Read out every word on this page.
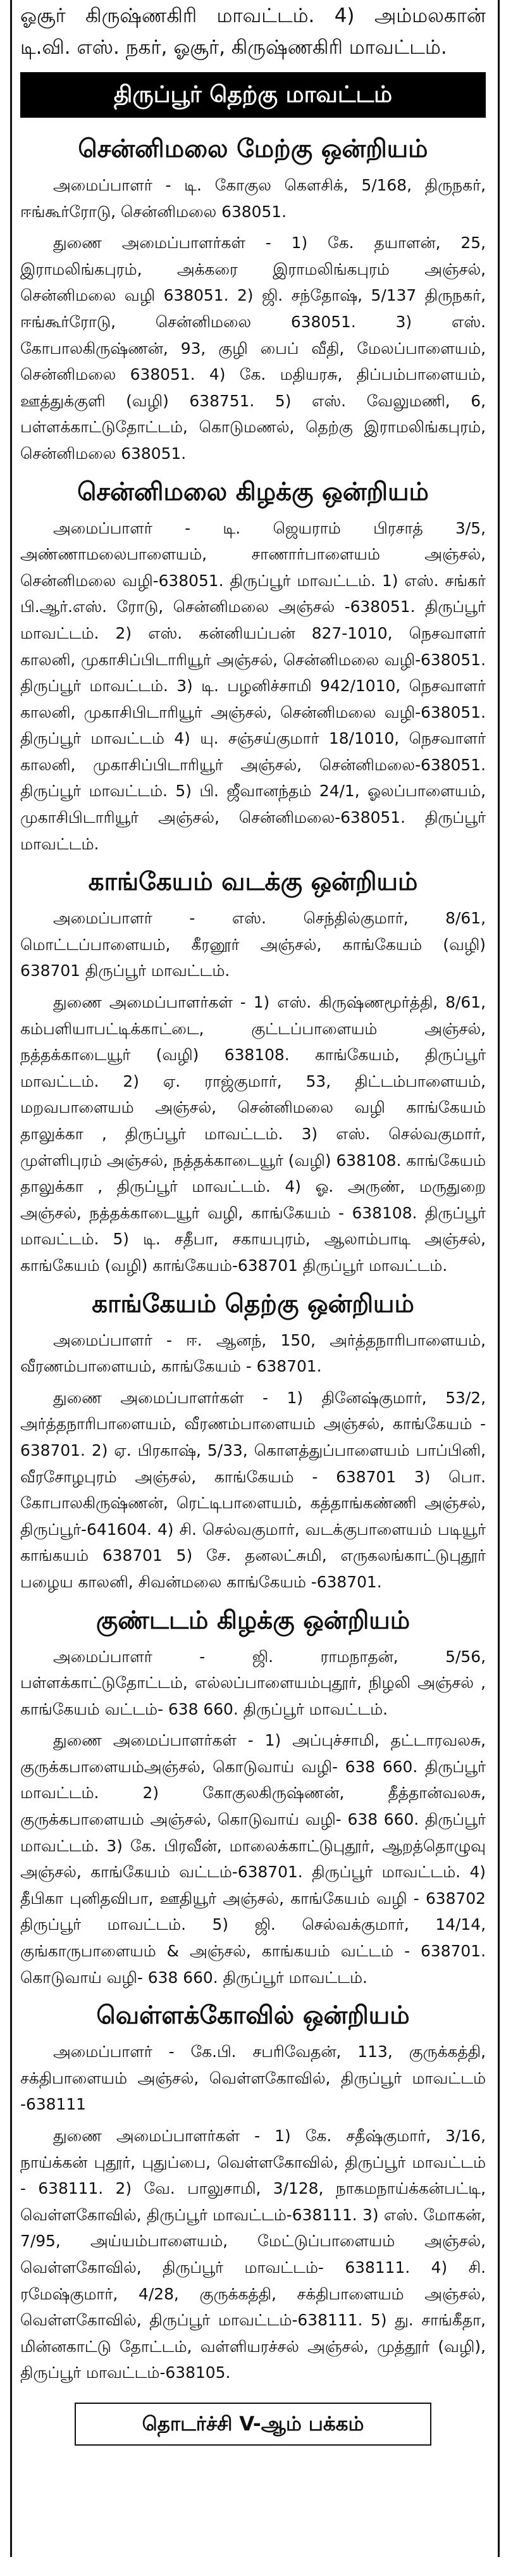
ஓசூர் கிருஷ்ணகிரி மாவட்டம். 4) அம்மலகான் டி.வி. எஸ். நகர், ஓசூர், கிருஷ்ணகிரி மாவட்டம்.

திருப்பூர் தெற்கு மாவட்டம்
சென்னிமலை மேற்கு ஒன்றியம்

அமைப்பாளர் - டி. கோகுல கௌசிக், 5/168, திருநகர், ஈங்கூர்ரோடு, சென்னிமலை 638051.

துணை அமைப்பாளர்கள் - 1) கே. தயாளன், 25, இராமலிங்கபுரம், அக்கரை இராமலிங்கபுரம் அஞ்சல், சென்னிமலை வழி 638051. 2) ஜி. சந்தோஷ், 5/137 திருநகர், ஈங்கூர்ரோடு, சென்னிமலை 638051. 3) எஸ். கோபாலகிருஷ்ணன், 93, குழி பைப் வீதி, மேலப்பாளையம், சென்னிமலை 638051. 4) கே. மதியரசு, திப்பம்பாளையம், ஊத்துக்குளி (வழி) 638751. 5) எஸ். வேலுமணி, 6, பள்ளக்காட்டுதோட்டம், கொடுமணல், தெற்கு இராமலிங்கபுரம், சென்னிமலை 638051.

சென்னிமலை கிழக்கு ஒன்றியம்

அமைப்பாளர் - டி. ஜெயராம் பிரசாத் 3/5, அண்ணாமலைபாளையம், சாணார்பாளையம் அஞ்சல், சென்னிமலை வழி-638051. திருப்பூர் மாவட்டம். 1) எஸ். சங்கர் பி.ஆர்.எஸ். ரோடு, சென்னிமலை அஞ்சல் -638051. திருப்பூர் மாவட்டம். 2) எஸ். கன்னியப்பன் 827-1010, நெசவாளர் காலனி, முகாசிப்பிடாரியூர் அஞ்சல், சென்னிமலை வழி-638051. திருப்பூர் மாவட்டம். 3) டி. பழனிச்சாமி 942/1010, நெசவாளர் காலனி, முகாசிபிடாரியூர் அஞ்சல், சென்னிமலை வழி-638051. திருப்பூர் மாவட்டம் 4) யு. சஞ்சய்குமார் 18/1010, நெசவாளர் காலனி, முகாசிப்பிடாரியூர் அஞ்சல், சென்னிமலை-638051. திருப்பூர் மாவட்டம். 5) பி. ஜீவானந்தம் 24/1, ஓலப்பாளையம், முகாசிபிடாரியூர் அஞ்சல், சென்னிமலை-638051. திருப்பூர் மாவட்டம்.

காங்கேயம் வடக்கு ஒன்றியம்

அமைப்பாளர் - எஸ். செந்தில்குமார், 8/61, மொட்டப்பாளையம், கீரனூர் அஞ்சல், காங்கேயம் (வழி) 638701 திருப்பூர் மாவட்டம்.

துணை அமைப்பாளர்கள் - 1) எஸ். கிருஷ்ணமூர்த்தி, 8/61, கம்பளியாபட்டிக்காட்டை, குட்டப்பாளையம் அஞ்சல், நத்தக்காடையூர் (வழி) 638108. காங்கேயம், திருப்பூர் மாவட்டம். 2) ஏ. ராஜ்குமார், 53, திட்டம்பாளையம், மறவபாளையம் அஞ்சல், சென்னிமலை வழி காங்கேயம் தாலுக்கா , திருப்பூர் மாவட்டம். 3) எஸ். செல்வகுமார், முள்ளிபுரம் அஞ்சல், நத்தக்காடையூர் (வழி) 638108. காங்கேயம் தாலுக்கா , திருப்பூர் மாவட்டம். 4) ஓ. அருண், மருதுறை அஞ்சல், நத்தக்காடையூர் வழி, காங்கேயம் - 638108. திருப்பூர் மாவட்டம். 5) டி. சதீபா, சகாயபுரம், ஆலாம்பாடி அஞ்சல், காங்கேயம் (வழி) காங்கேயம்-638701 திருப்பூர் மாவட்டம்.

காங்கேயம் தெற்கு ஒன்றியம்

அமைப்பாளர் - ஈ. ஆனந், 150, அர்த்தநாரிபாளையம், வீரணம்பாளையம், காங்கேயம் - 638701.

துணை அமைப்பாளர்கள் - 1) தினேஷ்குமார், 53/2, அர்த்தநாரிபாளையம், வீரணம்பாளையம் அஞ்சல், காங்கேயம் - 638701. 2) ஏ. பிரகாஷ், 5/33, கொளத்துப்பாளையம் பாப்பினி, வீரசோழபுரம் அஞ்சல், காங்கேயம் - 638701 3) பொ. கோபாலகிருஷ்ணன், ரெட்டிபாளையம், கத்தாங்கண்ணி அஞ்சல், திருப்பூர்-641604. 4) சி. செல்வகுமார், வடக்குபாளையம் படியூர் காங்கயம் 638701 5) சே. தனலட்சுமி, எருகலங்காட்டுபுதூர் பழைய காலனி, சிவன்மலை காங்கேயம் -638701.

குண்டடம் கிழக்கு ஒன்றியம்

அமைப்பாளர் - ஜி. ராமநாதன், 5/56, பள்ளக்காட்டுதோட்டம், எல்லப்பாளையம்புதூர், நிழலி அஞ்சல் , காங்கேயம் வட்டம்- 638 660. திருப்பூர் மாவட்டம்.

துணை அமைப்பாளர்கள் - 1) அப்புச்சாமி, தட்டாரவலசு, குருக்கபாளையம்அஞ்சல், கொடுவாய் வழி- 638 660. திருப்பூர் மாவட்டம். 2) கோகுலகிருஷ்ணன், தீத்தான்வலசு, குருக்கபாளையம் அஞ்சல், கொடுவாய் வழி- 638 660. திருப்பூர் மாவட்டம். 3) கே. பிரவீன், மாலைக்காட்டுபுதூர், ஆறத்தொழுவு அஞ்சல், காங்கேயம் வட்டம்-638701. திருப்பூர் மாவட்டம். 4) தீபிகா புனிதவிபா, ஊதியூர் அஞ்சல், காங்கேயம் வழி - 638702 திருப்பூர் மாவட்டம். 5) ஜி. செல்வக்குமார், 14/14, குங்காருபாளையம் & அஞ்சல், காங்கயம் வட்டம் - 638701. கொடுவாய் வழி- 638 660. திருப்பூர் மாவட்டம்.

வெள்ளக்கோவில் ஒன்றியம்

அமைப்பாளர் - கே.பி. சபரிவேதன், 113, குருக்கத்தி, சக்திபாளையம் அஞ்சல், வெள்ளகோவில், திருப்பூர் மாவட்டம் -638111

துணை அமைப்பாளர்கள் - 1) கே. சதீஷ்குமார், 3/16, நாய்க்கன் புதூர், புதுப்பை, வெள்ளகோவில், திருப்பூர் மாவட்டம் - 638111. 2) வே. பாலுசாமி, 3/128, நாகமநாய்க்கன்பட்டி, வெள்ளகோவில், திருப்பூர் மாவட்டம்-638111. 3) எஸ். மோகன், 7/95, அய்யம்பாளையம், மேட்டுப்பாளையம் அஞ்சல், வெள்ளகோவில், திருப்பூர் மாவட்டம்- 638111. 4) சி. ரமேஷ்குமார், 4/28, குருக்கத்தி, சக்திபாளையம் அஞ்சல், வெள்ளகோவில், திருப்பூர் மாவட்டம்-638111. 5) து. சாங்கீதா, மின்னகாட்டு தோட்டம், வள்ளியரச்சல் அஞ்சல், முத்தூர் (வழி), திருப்பூர் மாவட்டம்-638105.

தொடர்ச்சி V-ஆம் பக்கம்
